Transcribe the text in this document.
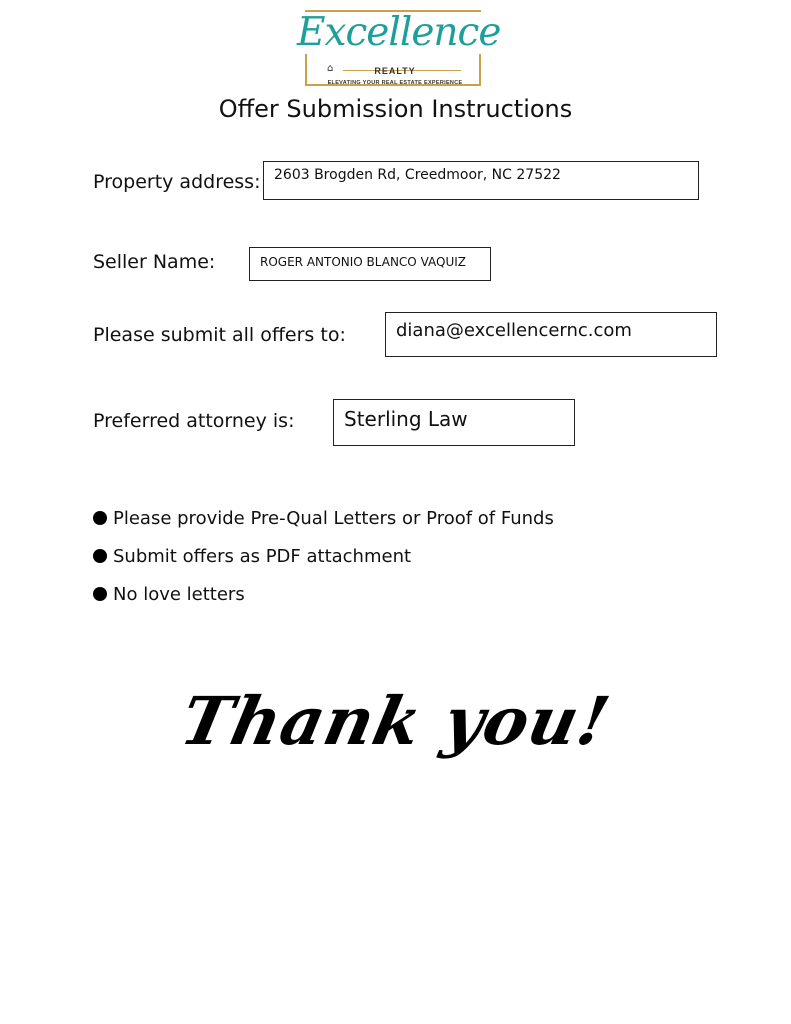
Excellence
⌂	REALTY
ELEVATING YOUR REAL ESTATE EXPERIENCE
Offer Submission Instructions
Property address: 2603 Brogden Rd, Creedmoor, NC 27522
Seller Name:	ROGER ANTONIO BLANCO VAQUIZ
Please submit all offers to:	diana@excellencernc.com
Preferred attorney is:	Sterling Law
Please provide Pre-Qual Letters or Proof of Funds
Submit offers as PDF attachment
No love letters
Thank you!
